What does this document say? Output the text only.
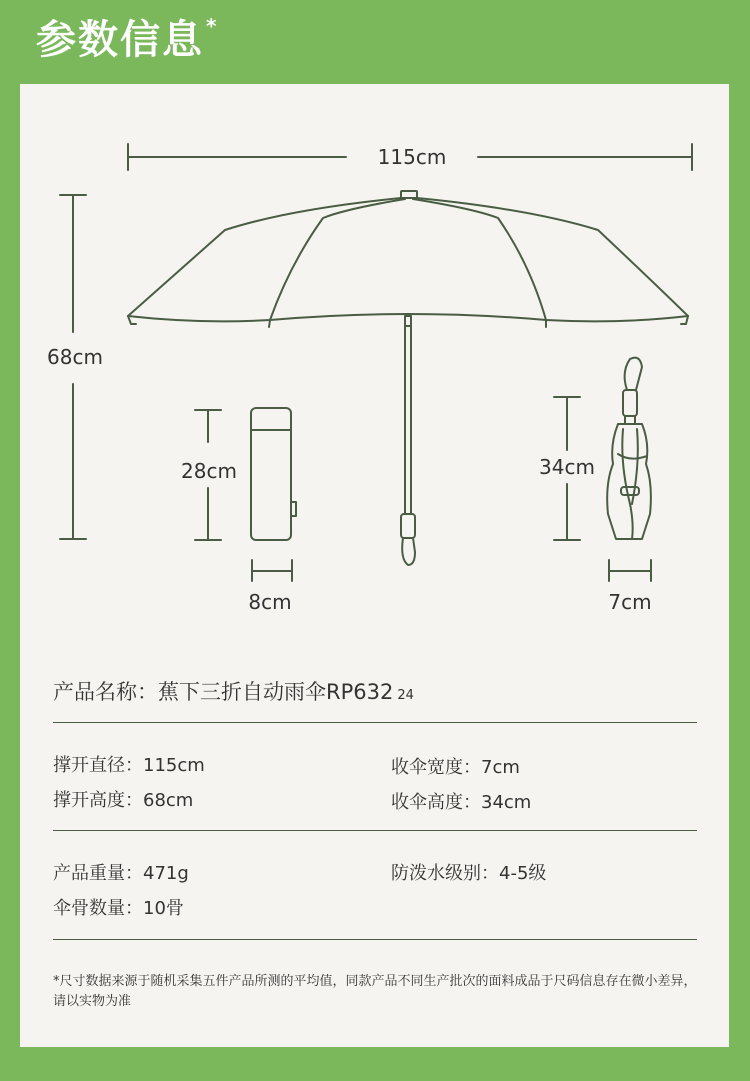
参数信息 *
115cm
68cm
28cm
8cm
34cm
7cm
产品名称：蕉下三折自动雨伞RP632 24
撑开直径：115cm	收伞宽度：7cm
撑开高度：68cm	收伞高度：34cm
产品重量：471g	防泼水级别：4-5级
伞骨数量：10骨
*尺寸数据来源于随机采集五件产品所测的平均值，同款产品不同生产批次的面料成品于尺码信息存在微小差异，请以实物为准
